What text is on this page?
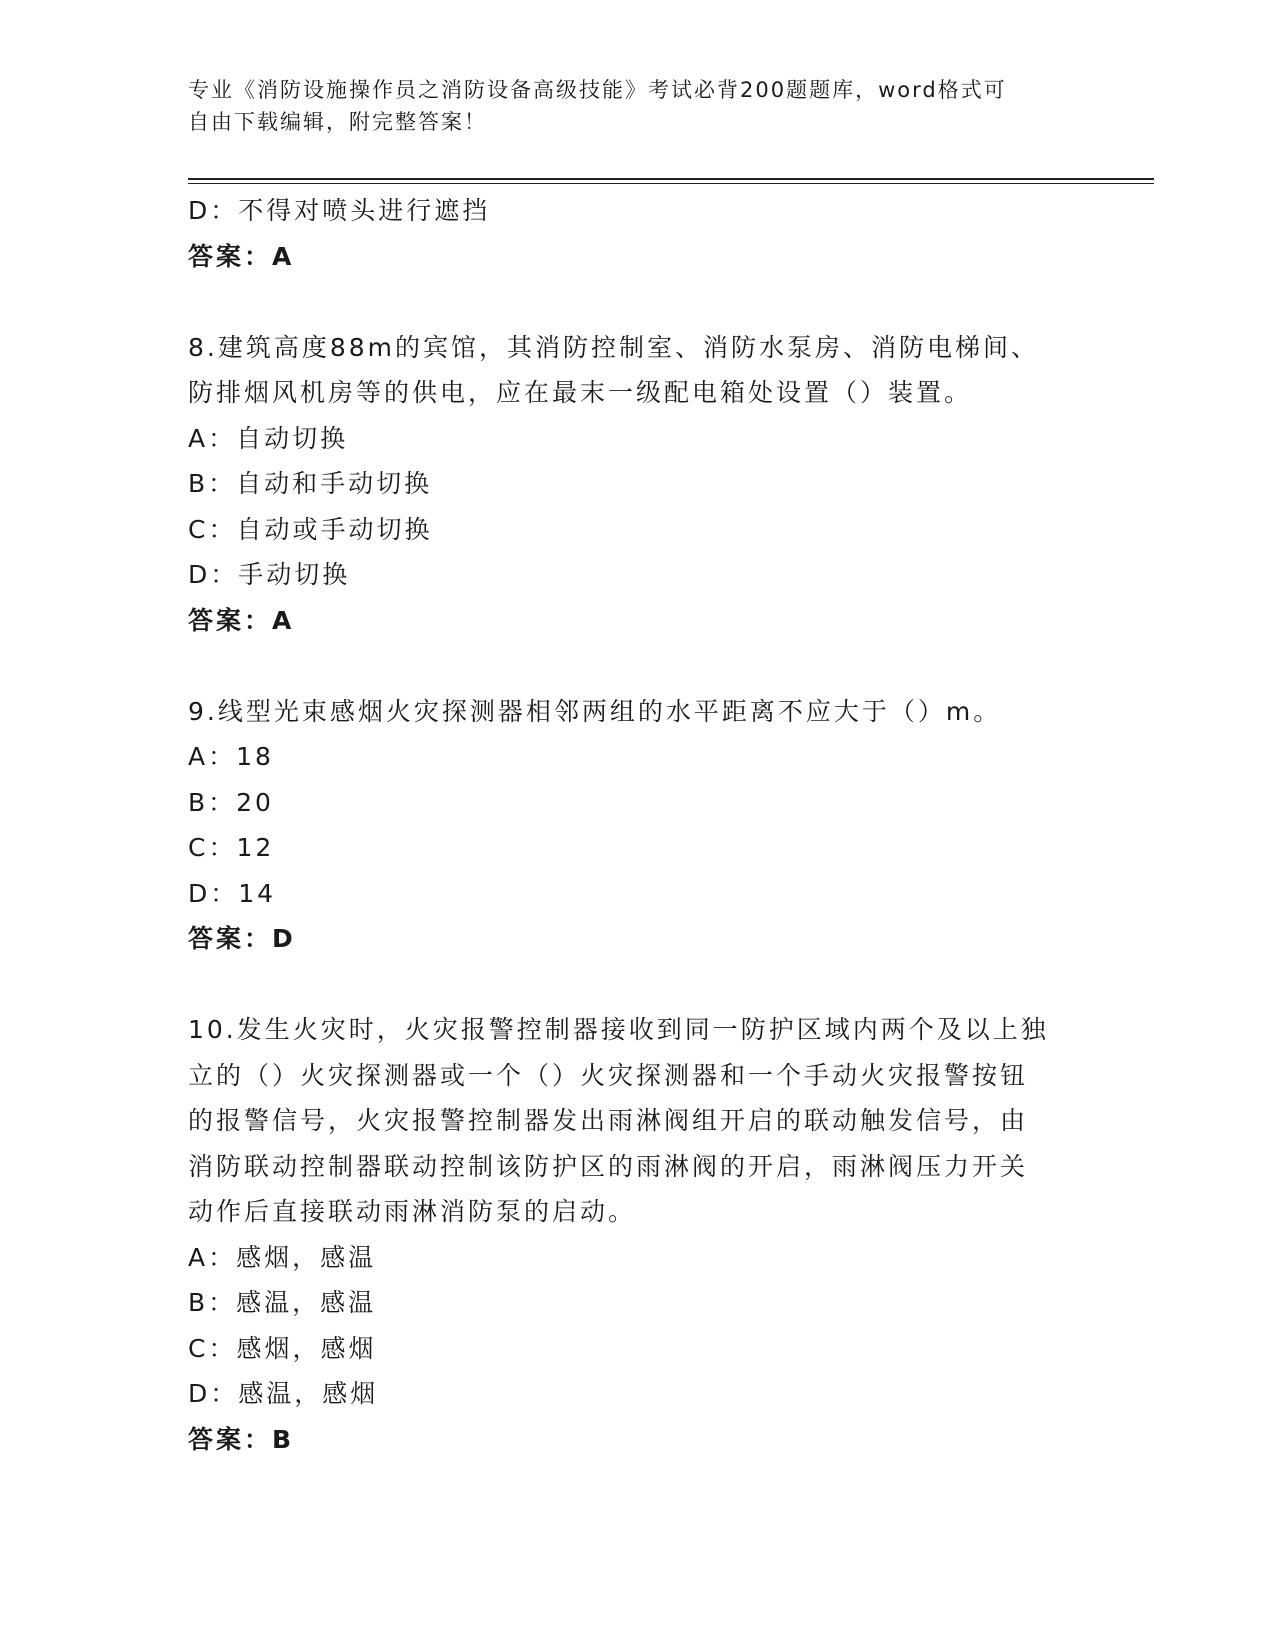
专业《消防设施操作员之消防设备高级技能》考试必背200题题库，word格式可
自由下载编辑，附完整答案！

D：不得对喷头进行遮挡

答案：A

8.建筑高度88m的宾馆，其消防控制室、消防水泵房、消防电梯间、

防排烟风机房等的供电，应在最末一级配电箱处设置（）装置。

A：自动切换

B：自动和手动切换

C：自动或手动切换

D：手动切换

答案：A

9.线型光束感烟火灾探测器相邻两组的水平距离不应大于（）m。

A：18

B：20

C：12

D：14

答案：D

10.发生火灾时，火灾报警控制器接收到同一防护区域内两个及以上独

立的（）火灾探测器或一个（）火灾探测器和一个手动火灾报警按钮

的报警信号，火灾报警控制器发出雨淋阀组开启的联动触发信号，由

消防联动控制器联动控制该防护区的雨淋阀的开启，雨淋阀压力开关

动作后直接联动雨淋消防泵的启动。

A：感烟，感温

B：感温，感温

C：感烟，感烟

D：感温，感烟

答案：B
